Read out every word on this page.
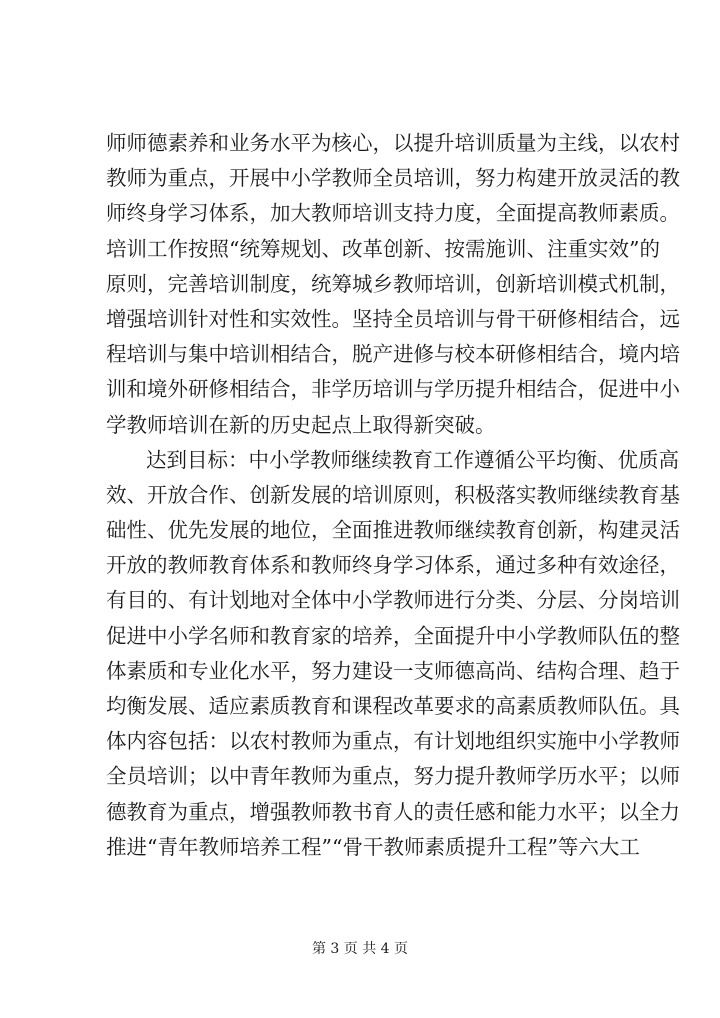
师师德素养和业务水平为核心，以提升培训质量为主线，以农村
教师为重点，开展中小学教师全员培训，努力构建开放灵活的教
师终身学习体系，加大教师培训支持力度，全面提高教师素质。
培训工作按照“统筹规划、改革创新、按需施训、注重实效”的
原则，完善培训制度，统筹城乡教师培训，创新培训模式机制，
增强培训针对性和实效性。坚持全员培训与骨干研修相结合，远
程培训与集中培训相结合，脱产进修与校本研修相结合，境内培
训和境外研修相结合，非学历培训与学历提升相结合，促进中小
学教师培训在新的历史起点上取得新突破。
达到目标：中小学教师继续教育工作遵循公平均衡、优质高
效、开放合作、创新发展的培训原则，积极落实教师继续教育基
础性、优先发展的地位，全面推进教师继续教育创新，构建灵活
开放的教师教育体系和教师终身学习体系，通过多种有效途径，
有目的、有计划地对全体中小学教师进行分类、分层、分岗培训
促进中小学名师和教育家的培养，全面提升中小学教师队伍的整
体素质和专业化水平，努力建设一支师德高尚、结构合理、趋于
均衡发展、适应素质教育和课程改革要求的高素质教师队伍。具
体内容包括：以农村教师为重点，有计划地组织实施中小学教师
全员培训；以中青年教师为重点，努力提升教师学历水平；以师
德教育为重点，增强教师教书育人的责任感和能力水平；以全力
推进“青年教师培养工程”“骨干教师素质提升工程”等六大工
第 3 页 共 4 页
